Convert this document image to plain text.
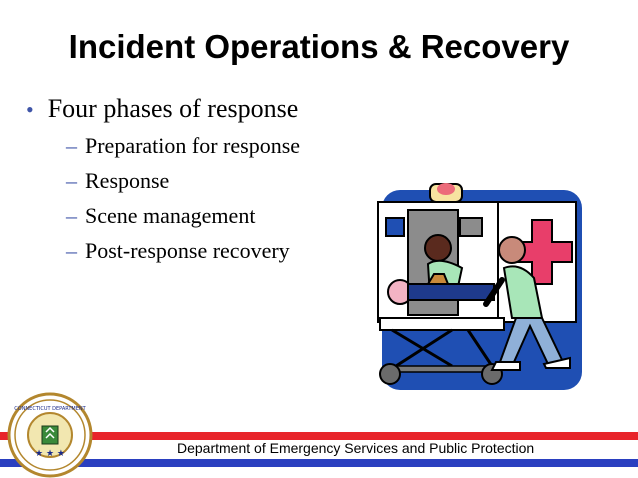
Incident Operations & Recovery
• Four phases of response
– Preparation for response
– Response
– Scene management
– Post-response recovery
Department of Emergency Services and Public Protection
★ ★ ★
CONNECTICUT DEPARTMENT
